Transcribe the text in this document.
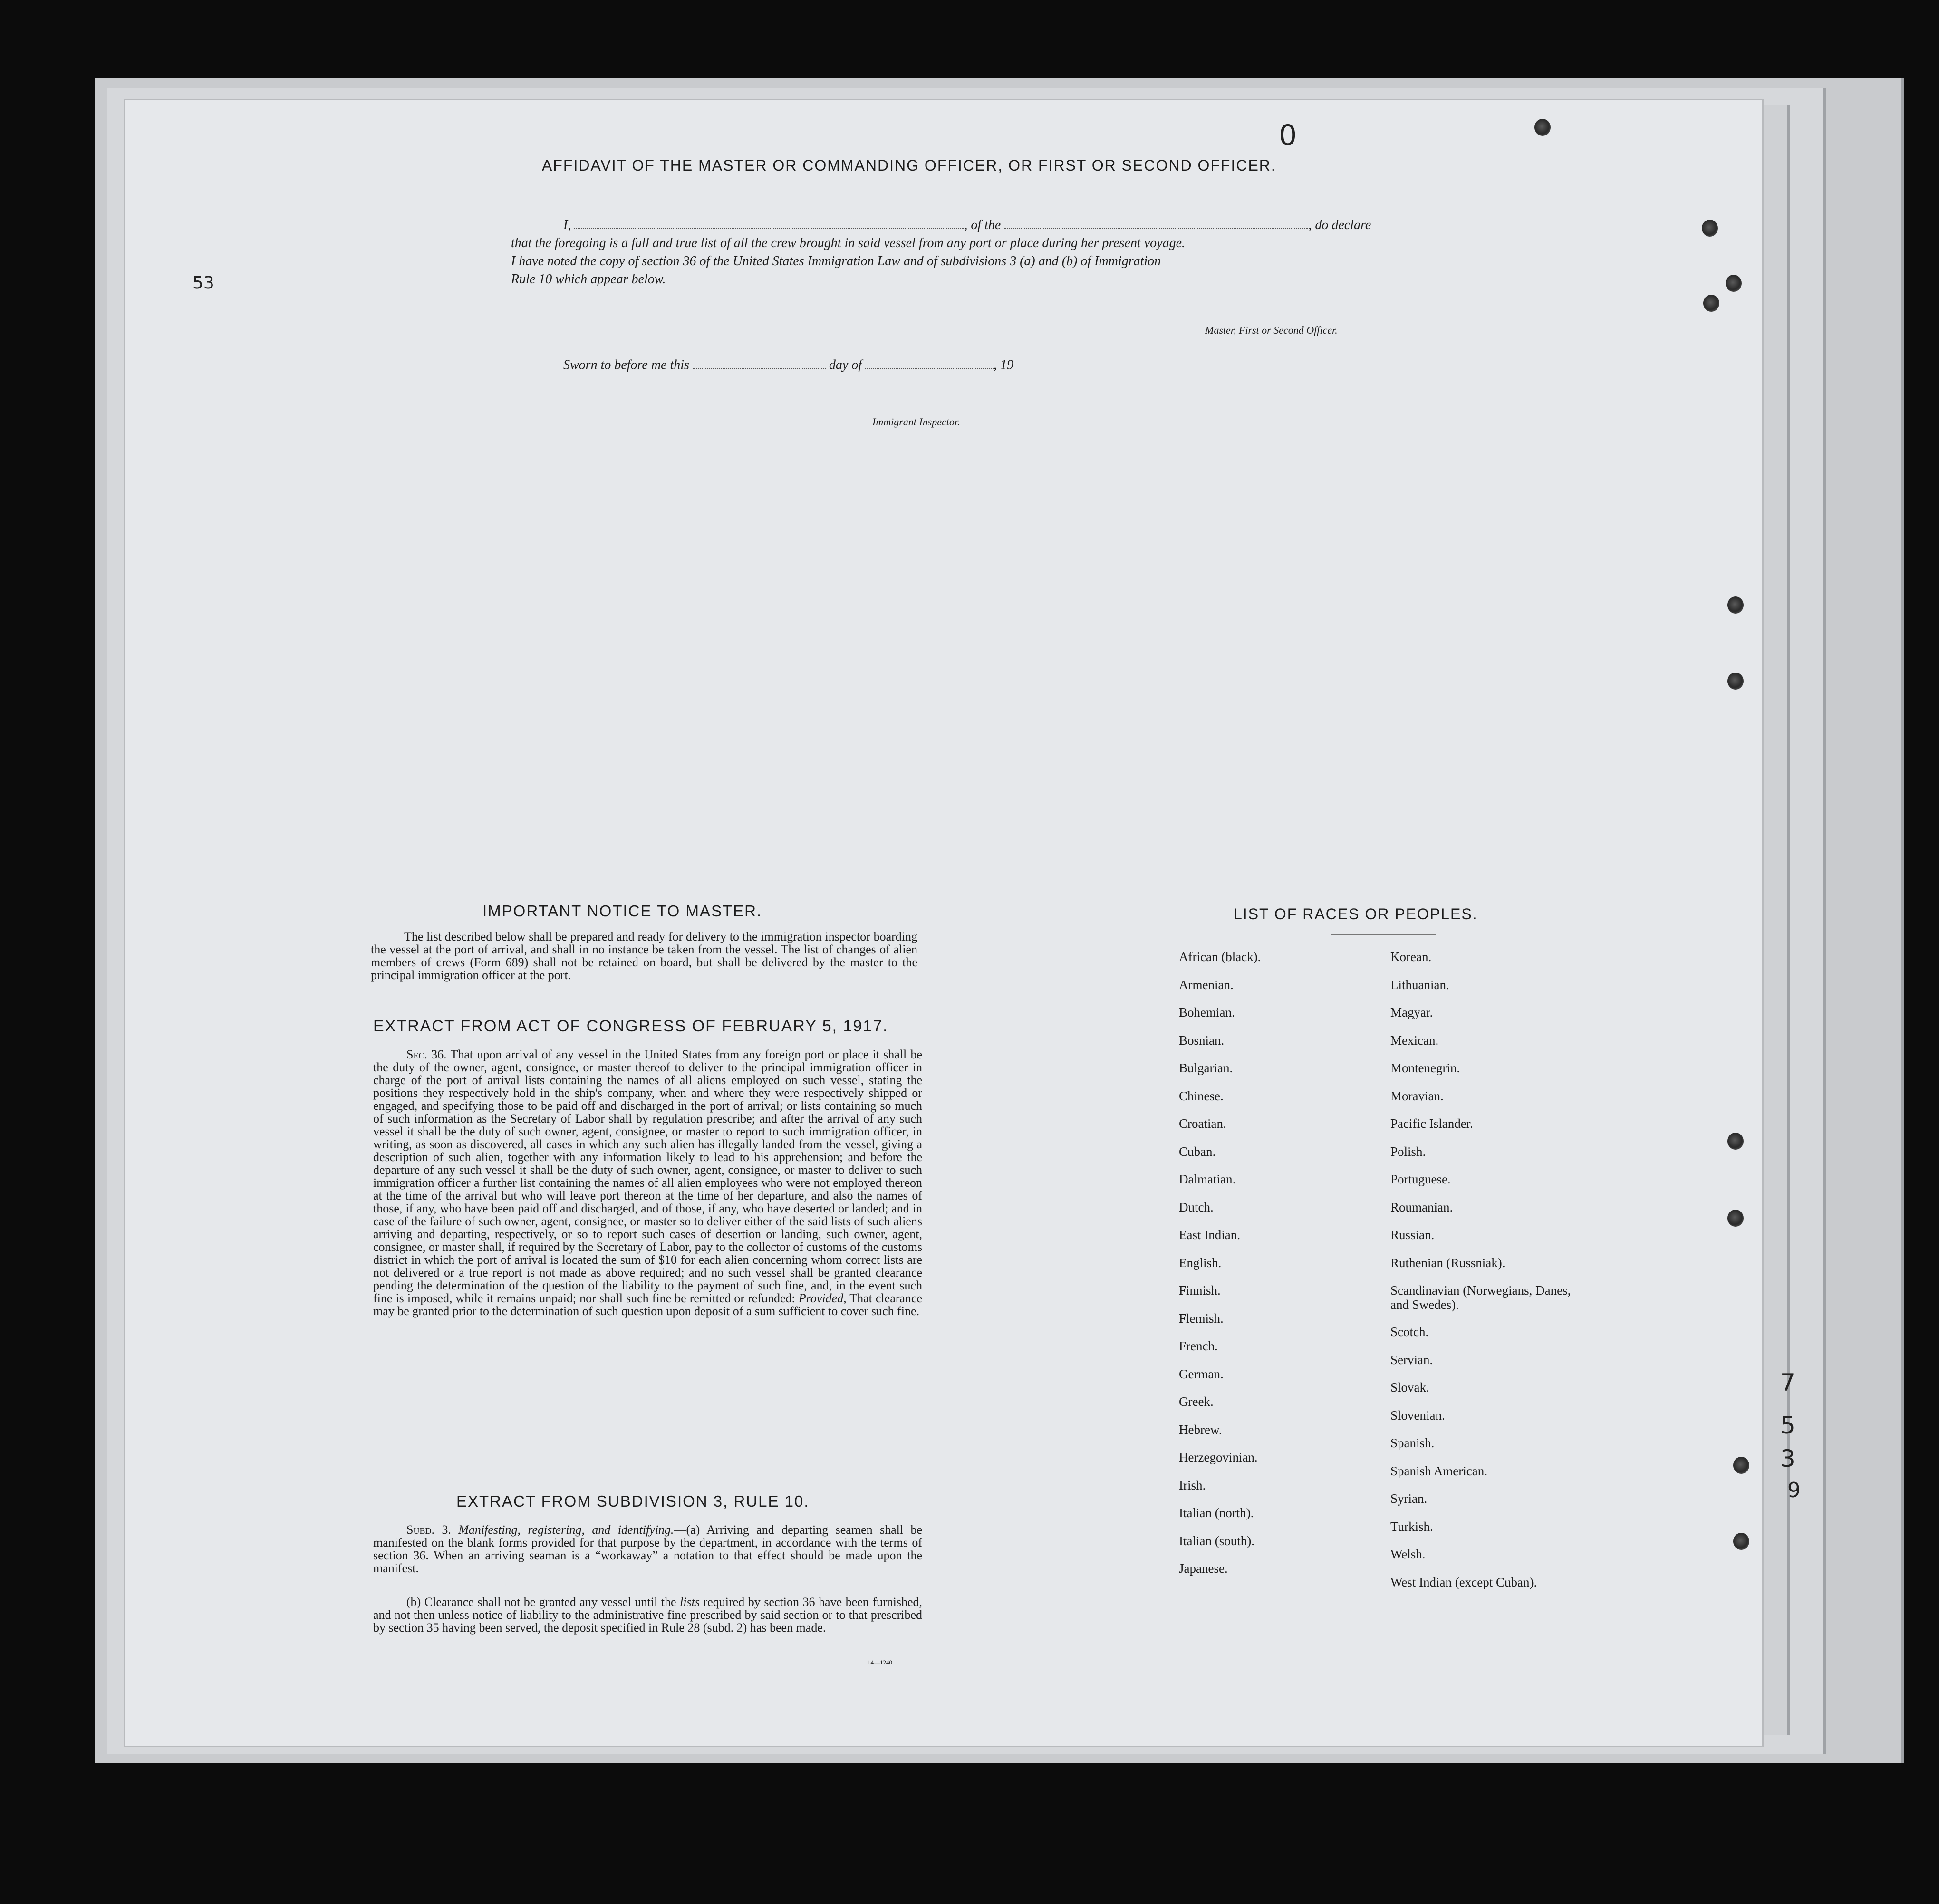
0
53
7
5
3
9
AFFIDAVIT OF THE MASTER OR COMMANDING OFFICER, OR FIRST OR SECOND OFFICER.
I,	, of the	, do declare
that the foregoing is a full and true list of all the crew brought in said vessel from any port or place during her present voyage.
I have noted the copy of section 36 of the United States Immigration Law and of subdivisions 3 (a) and (b) of Immigration
Rule 10 which appear below.
Master, First or Second Officer.
Sworn to before me this	day of	, 19
Immigrant Inspector.
IMPORTANT NOTICE TO MASTER.
The list described below shall be prepared and ready for delivery to the immigration inspector boarding the vessel at the port of arrival, and shall in no instance be taken from the vessel. The list of changes of alien members of crews (Form 689) shall not be retained on board, but shall be delivered by the master to the principal immigration officer at the port.
EXTRACT FROM ACT OF CONGRESS OF FEBRUARY 5, 1917.
Sec. 36. That upon arrival of any vessel in the United States from any foreign port or place it shall be the duty of the owner, agent, consignee, or master thereof to deliver to the principal immigration officer in charge of the port of arrival lists containing the names of all aliens employed on such vessel, stating the positions they respectively hold in the ship's company, when and where they were respectively shipped or engaged, and specifying those to be paid off and discharged in the port of arrival; or lists containing so much of such information as the Secretary of Labor shall by regulation prescribe; and after the arrival of any such vessel it shall be the duty of such owner, agent, consignee, or master to report to such immigration officer, in writing, as soon as discovered, all cases in which any such alien has illegally landed from the vessel, giving a description of such alien, together with any information likely to lead to his apprehension; and before the departure of any such vessel it shall be the duty of such owner, agent, consignee, or master to deliver to such immigration officer a further list containing the names of all alien employees who were not employed thereon at the time of the arrival but who will leave port thereon at the time of her departure, and also the names of those, if any, who have been paid off and discharged, and of those, if any, who have deserted or landed; and in case of the failure of such owner, agent, consignee, or master so to deliver either of the said lists of such aliens arriving and departing, respectively, or so to report such cases of desertion or landing, such owner, agent, consignee, or master shall, if required by the Secretary of Labor, pay to the collector of customs of the customs district in which the port of arrival is located the sum of $10 for each alien concerning whom correct lists are not delivered or a true report is not made as above required; and no such vessel shall be granted clearance pending the determination of the question of the liability to the payment of such fine, and, in the event such fine is imposed, while it remains unpaid; nor shall such fine be remitted or refunded: Provided, That clearance may be granted prior to the determination of such question upon deposit of a sum sufficient to cover such fine.
EXTRACT FROM SUBDIVISION 3, RULE 10.
Subd. 3. Manifesting, registering, and identifying.—(a) Arriving and departing seamen shall be manifested on the blank forms provided for that purpose by the department, in accordance with the terms of section 36. When an arriving seaman is a “workaway” a notation to that effect should be made upon the manifest.
(b) Clearance shall not be granted any vessel until the lists required by section 36 have been furnished, and not then unless notice of liability to the administrative fine prescribed by said section or to that prescribed by section 35 having been served, the deposit specified in Rule 28 (subd. 2) has been made.
14—1240
LIST OF RACES OR PEOPLES.
African (black).
Armenian.
Bohemian.
Bosnian.
Bulgarian.
Chinese.
Croatian.
Cuban.
Dalmatian.
Dutch.
East Indian.
English.
Finnish.
Flemish.
French.
German.
Greek.
Hebrew.
Herzegovinian.
Irish.
Italian (north).
Italian (south).
Japanese.
Korean.
Lithuanian.
Magyar.
Mexican.
Montenegrin.
Moravian.
Pacific Islander.
Polish.
Portuguese.
Roumanian.
Russian.
Ruthenian (Russniak).
Scandinavian (Norwegians, Danes, and Swedes).
Scotch.
Servian.
Slovak.
Slovenian.
Spanish.
Spanish American.
Syrian.
Turkish.
Welsh.
West Indian (except Cuban).
